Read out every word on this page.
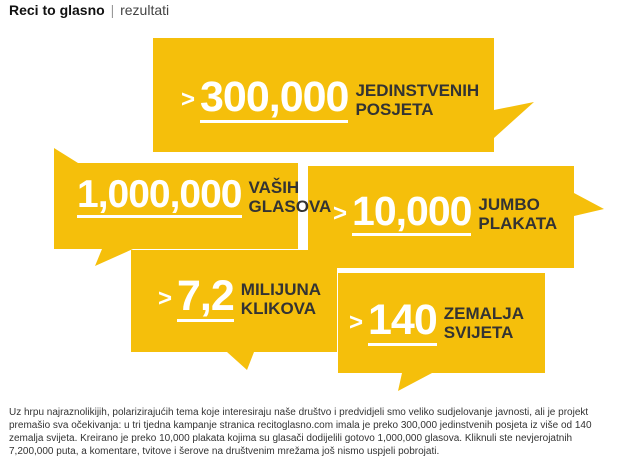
Reci to glasno | rezultati
> 300,000 JEDINSTVENIH
POSJETA
1,000,000 VAŠIH
GLASOVA > 10,000 JUMBO
PLAKATA
> 7,2 MILIJUNA
KLIKOVA
> 140 ZEMALJA
SVIJETA
Uz hrpu najraznolikijih, polarizirajućih tema koje interesiraju naše društvo i predvidjeli smo veliko sudjelovanje javnosti, ali je projekt premašio sva očekivanja: u tri tjedna kampanje stranica recitoglasno.com imala je preko 300,000 jedinstvenih posjeta iz više od 140 zemalja svijeta. Kreirano je preko 10,000 plakata kojima su glasači dodijelili gotovo 1,000,000 glasova. Kliknuli ste nevjerojatnih 7,200,000 puta, a komentare, tvitove i šerove na društvenim mrežama još nismo uspjeli pobrojati.
